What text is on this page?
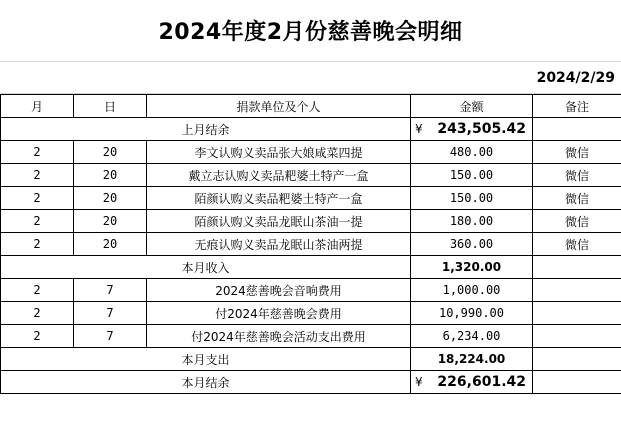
2024年度2月份慈善晚会明细
2024/2/29
月	日	捐款单位及个人	金额	备注
上月结余			¥ 243,505.42	

2	20	李文认购义卖品张大娘咸菜四提	480.00	微信
2	20	戴立志认购义卖品粑婆土特产一盒	150.00	微信
2	20	陌颜认购义卖品粑婆土特产一盒	150.00	微信
2	20	陌颜认购义卖品龙眠山茶油一提	180.00	微信
2	20	无痕认购义卖品龙眠山茶油两提	360.00	微信
本月收入			1,320.00	
2	7	2024慈善晚会音响费用	1,000.00	
2	7	付2024年慈善晚会费用	10,990.00	
2	7	付2024年慈善晚会活动支出费用	6,234.00	
本月支出			18,224.00	
本月结余			¥ 226,601.42	
